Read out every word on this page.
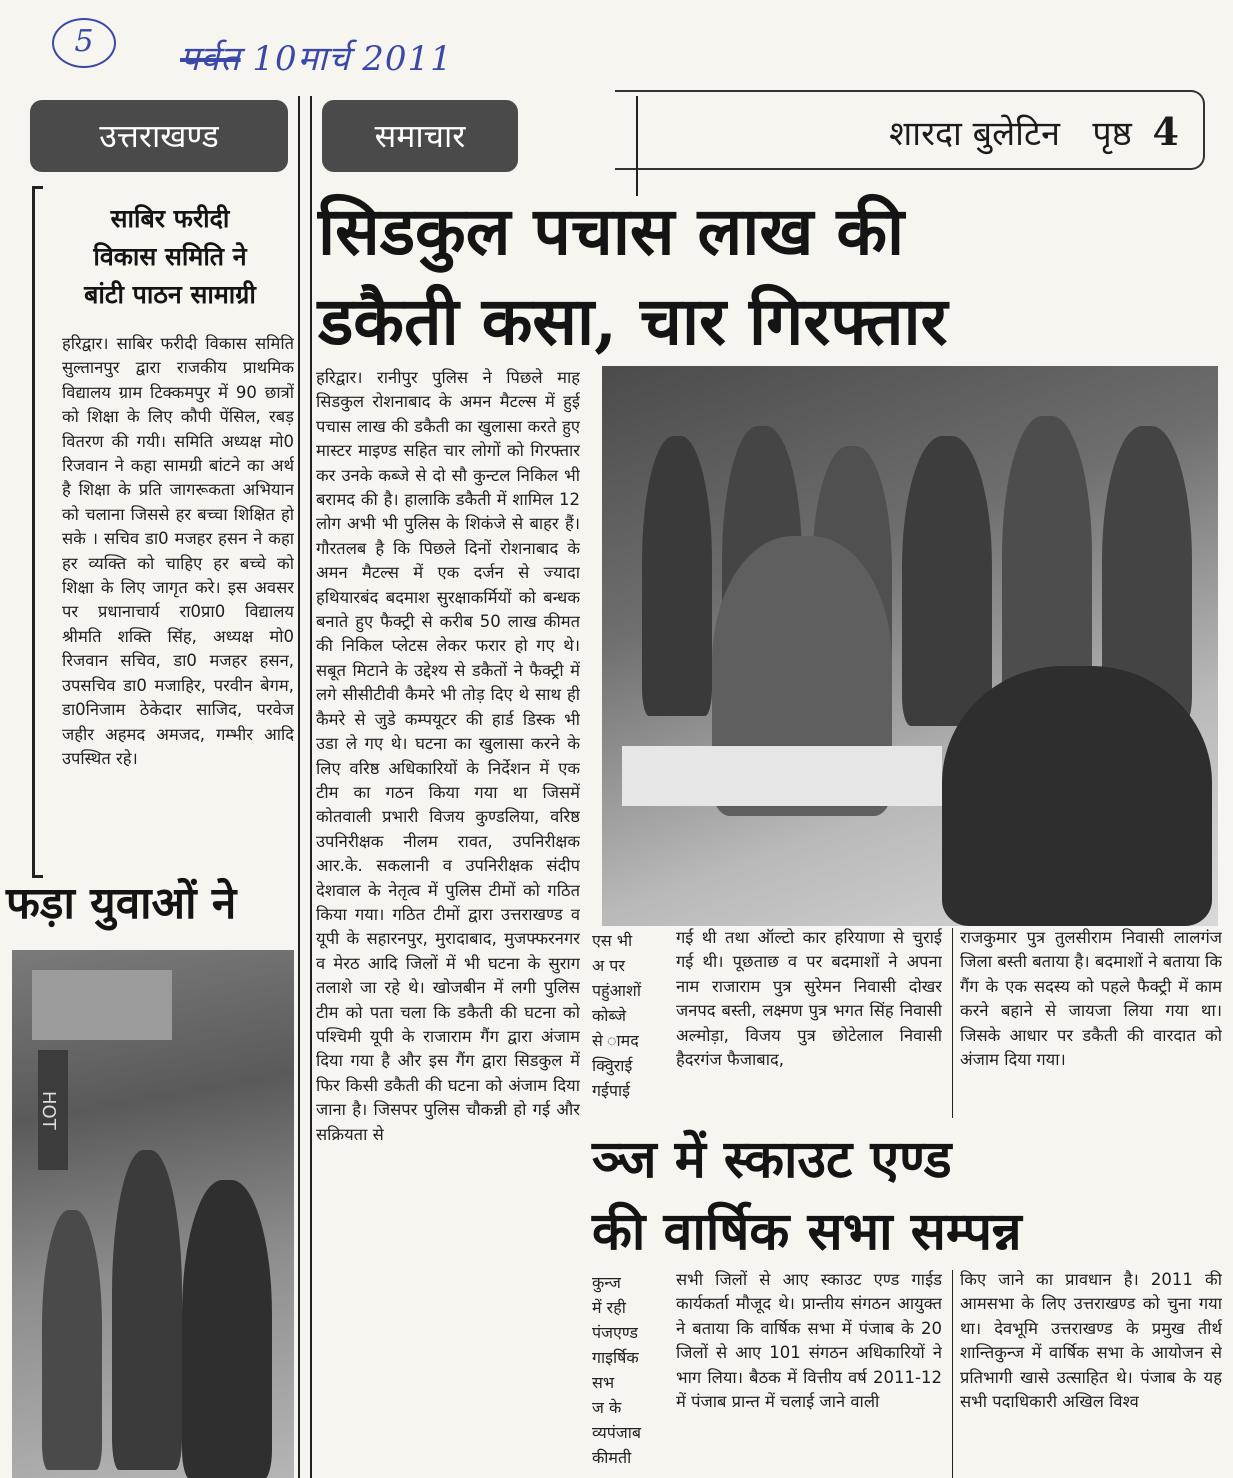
5	पर्वत 10मार्च 2011
उत्तराखण्ड	समाचार	शारदा बुलेटिन पृष्ठ 4
साबिर फरीदी
विकास समिति ने
बांटी पाठन सामाग्री

हरिद्वार। साबिर फरीदी विकास समिति सुल्तानपुर द्वारा राजकीय प्राथमिक विद्यालय ग्राम टिक्कमपुर में 90 छात्रों को शिक्षा के लिए कौपी पेंसिल, रबड़ वितरण की गयी। समिति अध्यक्ष मो0 रिजवान ने कहा सामग्री बांटने का अर्थ है शिक्षा के प्रति जागरूकता अभियान को चलाना जिससे हर बच्चा शिक्षित हो सके । सचिव डा0 मजहर हसन ने कहा हर व्यक्ति को चाहिए हर बच्चे को शिक्षा के लिए जागृत करे। इस अवसर पर प्रधानाचार्य रा0प्रा0 विद्यालय श्रीमति शक्ति सिंह, अध्यक्ष मो0 रिजवान सचिव, डा0 मजहर हसन, उपसचिव डा0 मजाहिर, परवीन बेगम, डा0निजाम ठेकेदार साजिद, परवेज जहीर अहमद अमजद, गम्भीर आदि उपस्थित रहे।

फड़ा युवाओं ने
HOT
सिडकुल पचास लाख की
डकैती कसा, चार गिरफ्तार

हरिद्वार। रानीपुर पुलिस ने पिछले माह सिडकुल रोशनाबाद के अमन मैटल्स में हुई पचास लाख की डकैती का खुलासा करते हुए मास्टर माइण्ड सहित चार लोगों को गिरफ्तार कर उनके कब्जे से दो सौ कुन्टल निकिल भी बरामद की है। हालाकि डकैती में शामिल 12 लोग अभी भी पुलिस के शिकंजे से बाहर हैं। गौरतलब है कि पिछले दिनों रोशनाबाद के अमन मैटल्स में एक दर्जन से ज्यादा हथियारबंद बदमाश सुरक्षाकर्मियों को बन्धक बनाते हुए फैक्ट्री से करीब 50 लाख कीमत की निकिल प्लेटस लेकर फरार हो गए थे। सबूत मिटाने के उद्देश्य से डकैतों ने फैक्ट्री में लगे सीसीटीवी कैमरे भी तोड़ दिए थे साथ ही कैमरे से जुडे कम्पयूटर की हार्ड डिस्क भी उडा ले गए थे। घटना का खुलासा करने के लिए वरिष्ठ अधिकारियों के निर्देशन में एक टीम का गठन किया गया था जिसमें कोतवाली प्रभारी विजय कुण्डलिया, वरिष्ठ उपनिरीक्षक नीलम रावत, उपनिरीक्षक आर.के. सकलानी व उपनिरीक्षक संदीप देशवाल के नेतृत्व में पुलिस टीमों को गठित किया गया। गठित टीमों द्वारा उत्तराखण्ड व यूपी के सहारनपुर, मुरादाबाद, मुजफ्फरनगर व मेरठ आदि जिलों में भी घटना के सुराग तलाशे जा रहे थे। खोजबीन में लगी पुलिस टीम को पता चला कि डकैती की घटना को पश्चिमी यूपी के राजाराम गैंग द्वारा अंजाम दिया गया है और इस गैंग द्वारा सिडकुल में फिर किसी डकैती की घटना को अंजाम दिया जाना है। जिसपर पुलिस चौकन्नी हो गई और सक्रियता से

एस भी
अ पर
पहुंआशों
कोब्जे
से ामद
क्विुराई
गईपाई

गई थी तथा ऑल्टो कार हरियाणा से चुराई गई थी। पूछताछ व पर बदमाशों ने अपना नाम राजाराम पुत्र सुरेमन निवासी दोखर जनपद बस्ती, लक्ष्मण पुत्र भगत सिंह निवासी अल्मोड़ा, विजय पुत्र छोटेलाल निवासी हैदरगंज फैजाबाद,

राजकुमार पुत्र तुलसीराम निवासी लालगंज जिला बस्ती बताया है। बदमाशों ने बताया कि गैंग के एक सदस्य को पहले फैक्ट्री में काम करने बहाने से जायजा लिया गया था। जिसके आधार पर डकैती की वारदात को अंजाम दिया गया।

ञ्ज में स्काउट एण्ड
की वार्षिक सभा सम्पन्न
कुन्ज
में रही
पंजएण्ड
गाइर्षिक
सभ
ज के
व्यपंजाब
कीमती

सभी जिलों से आए स्काउट एण्ड गाईड कार्यकर्ता मौजूद थे। प्रान्तीय संगठन आयुक्त ने बताया कि वार्षिक सभा में पंजाब के 20 जिलों से आए 101 संगठन अधिकारियों ने भाग लिया। बैठक में वित्तीय वर्ष 2011-12 में पंजाब प्रान्त में चलाई जाने वाली

किए जाने का प्रावधान है। 2011 की आमसभा के लिए उत्तराखण्ड को चुना गया था। देवभूमि उत्तराखण्ड के प्रमुख तीर्थ शान्तिकुन्ज में वार्षिक सभा के आयोजन से प्रतिभागी खासे उत्साहित थे। पंजाब के यह सभी पदाधिकारी अखिल विश्व
